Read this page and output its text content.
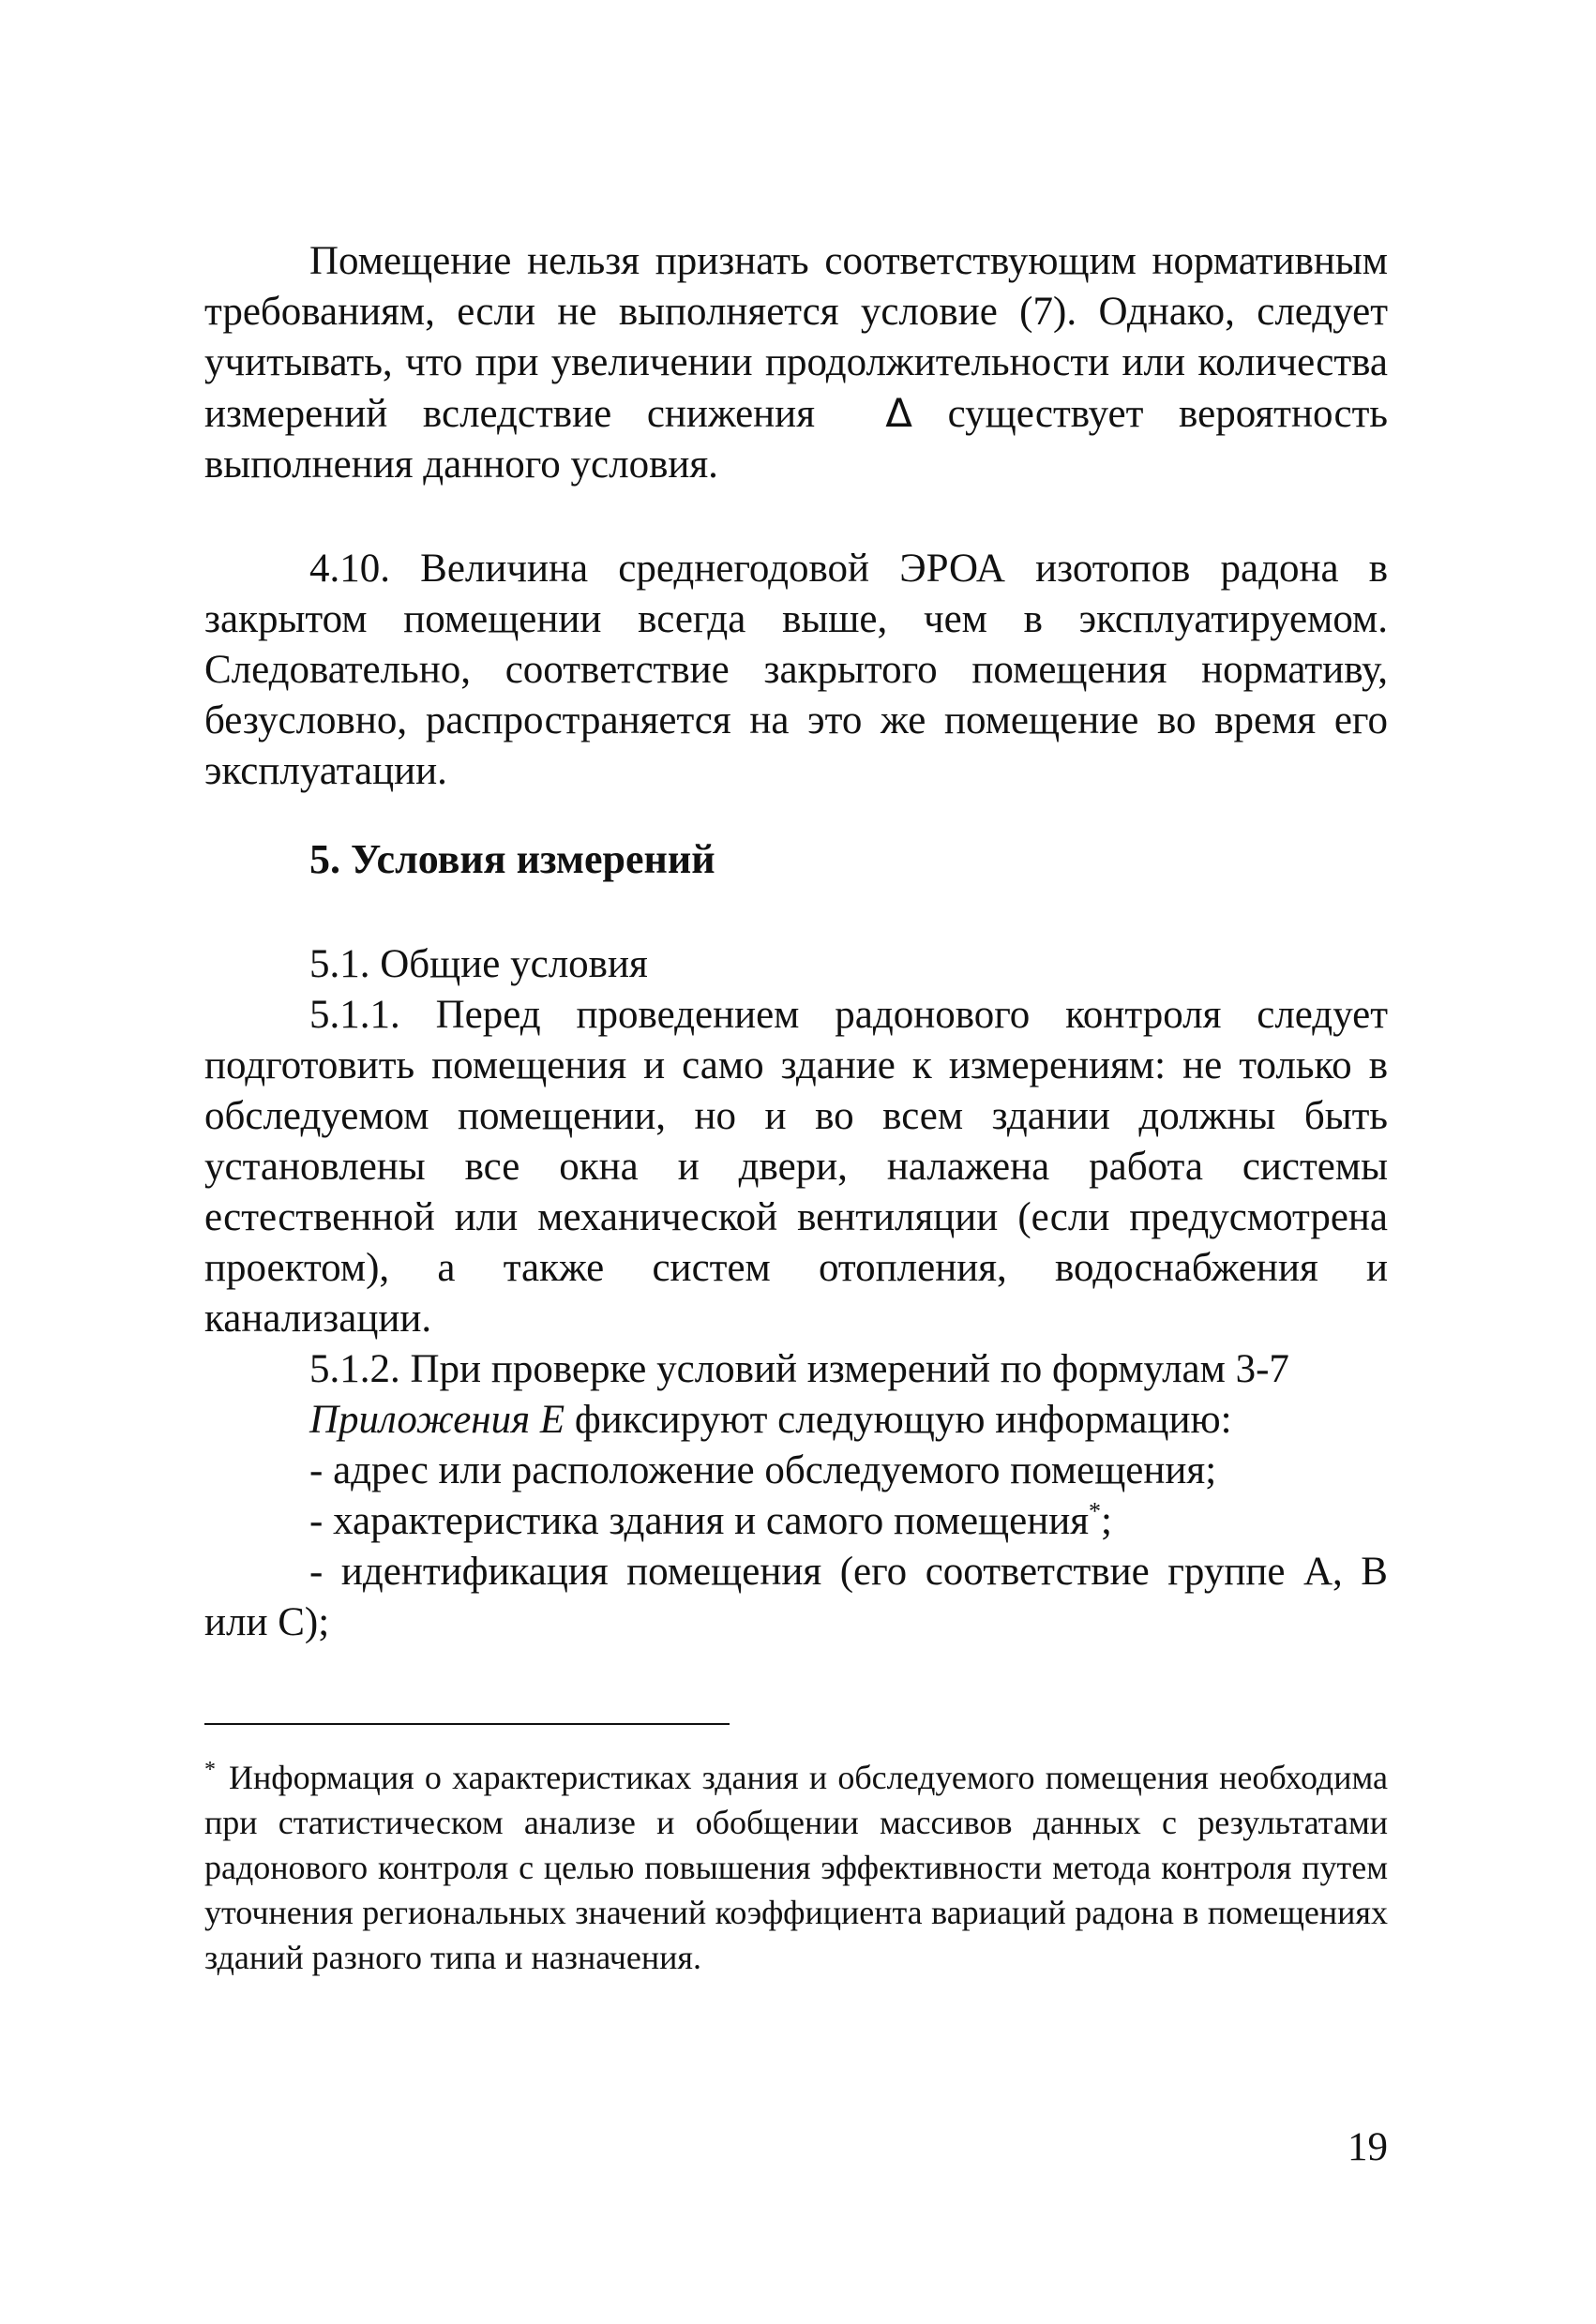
Помещение нельзя признать соответствующим нормативным требованиям, если не выполняется условие (7). Однако, следует учитывать, что при увеличении продолжительности или количества измерений вследствие снижения Δ существует вероятность выполнения данного условия.

4.10. Величина среднегодовой ЭРОА изотопов радона в закрытом помещении всегда выше, чем в эксплуатируемом. Следовательно, соответствие закрытого помещения нормативу, безусловно, распространяется на это же помещение во время его эксплуатации.

5. Условия измерений

5.1. Общие условия

5.1.1. Перед проведением радонового контроля следует подготовить помещения и само здание к измерениям: не только в обследуемом помещении, но и во всем здании должны быть установлены все окна и двери, налажена работа системы естественной или механической вентиляции (если предусмотрена проектом), а также систем отопления, водоснабжения и канализации.

5.1.2. При проверке условий измерений по формулам 3-7

Приложения Е фиксируют следующую информацию:

- адрес или расположение обследуемого помещения;

- характеристика здания и самого помещения*;

- идентификация помещения (его соответствие группе А, В или С);

* Информация о характеристиках здания и обследуемого помещения необходима при статистическом анализе и обобщении массивов данных с результатами радонового контроля с целью повышения эффективности метода контроля путем уточнения региональных значений коэффициента вариаций радона в помещениях зданий разного типа и назначения.

19
